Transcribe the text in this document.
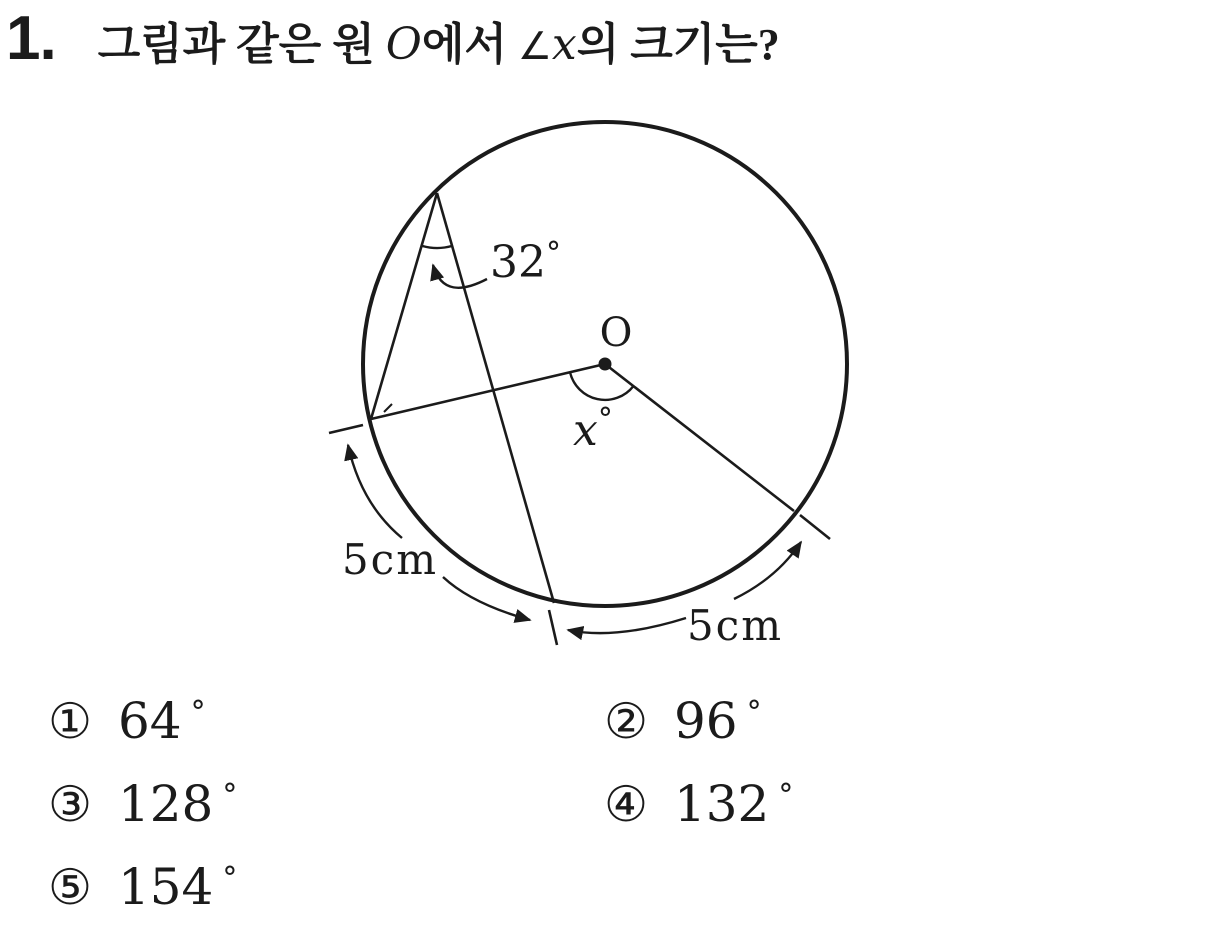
1. 그림과 같은 원 O에서 ∠x의 크기는?
O
32°
x°
5cm
5cm
① 64 °	② 96 °
③ 128 °	④ 132 °
⑤ 154 °
